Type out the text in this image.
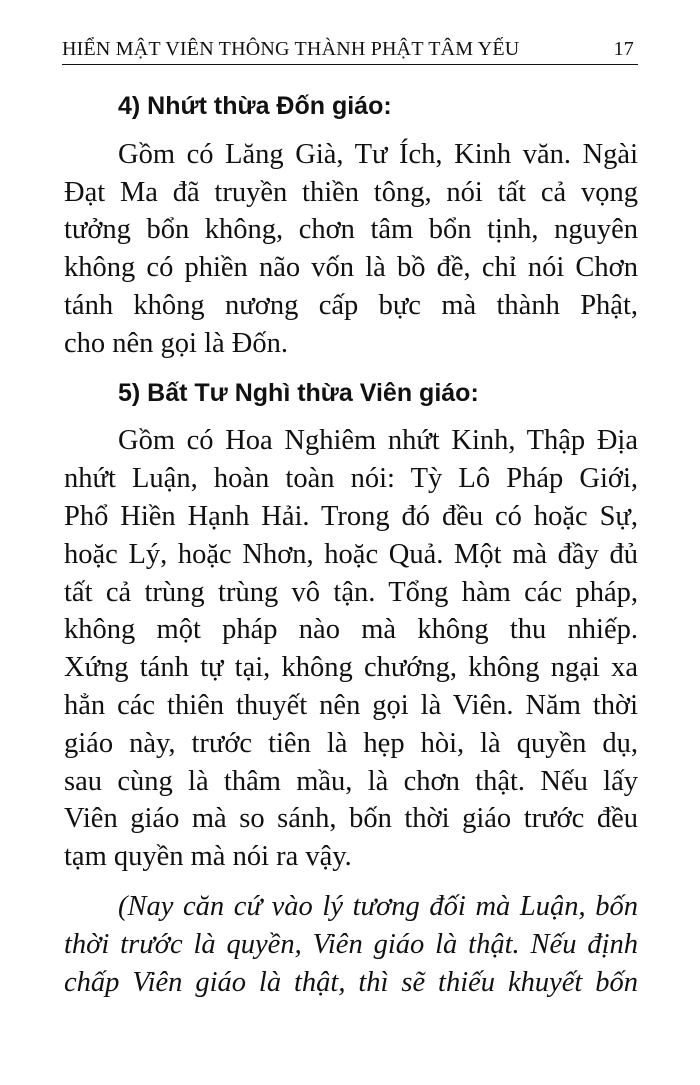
HIỂN MẬT VIÊN THÔNG THÀNH PHẬT TÂM YẾU	17
4) Nhứt thừa Đốn giáo:
Gồm có Lăng Già, Tư Ích, Kinh văn. Ngài
Đạt Ma đã truyền thiền tông, nói tất cả vọng
tưởng bổn không, chơn tâm bổn tịnh, nguyên
không có phiền não vốn là bồ đề, chỉ nói Chơn
tánh không nương cấp bực mà thành Phật,
cho nên gọi là Đốn.
5) Bất Tư Nghì thừa Viên giáo:
Gồm có Hoa Nghiêm nhứt Kinh, Thập Địa
nhứt Luận, hoàn toàn nói: Tỳ Lô Pháp Giới,
Phổ Hiền Hạnh Hải. Trong đó đều có hoặc Sự,
hoặc Lý, hoặc Nhơn, hoặc Quả. Một mà đầy đủ
tất cả trùng trùng vô tận. Tổng hàm các pháp,
không một pháp nào mà không thu nhiếp.
Xứng tánh tự tại, không chướng, không ngại xa
hẳn các thiên thuyết nên gọi là Viên. Năm thời
giáo này, trước tiên là hẹp hòi, là quyền dụ,
sau cùng là thâm mầu, là chơn thật. Nếu lấy
Viên giáo mà so sánh, bốn thời giáo trước đều
tạm quyền mà nói ra vậy.
(Nay căn cứ vào lý tương đối mà Luận, bốn
thời trước là quyền, Viên giáo là thật. Nếu định
chấp Viên giáo là thật, thì sẽ thiếu khuyết bốn
